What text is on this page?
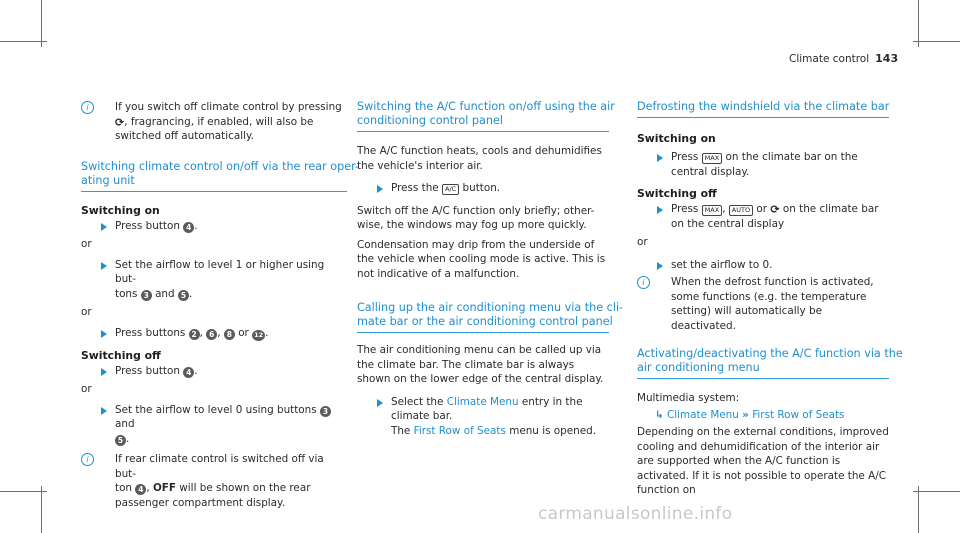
Climate control 143
i	If you switch off climate control by pressing ⟳, fragrancing, if enabled, will also be switched off automatically.
Switching climate control on/off via the rear oper-
ating unit
Switching on
Press button 4 .
or
Set the airflow to level 1 or higher using but-
tons 3 and 5 .
or
Press buttons 2 , 6 , 8 or 12 .
Switching off
Press button 4 .
or
Set the airflow to level 0 using buttons 3 and
5 .
i	If rear climate control is switched off via but-
ton 4 , OFF will be shown on the rear
passenger compartment display.
Switching the A/C function on/off using the air
conditioning control panel

The A/C function heats, cools and dehumidifies the vehicle's interior air.

Press the A/C button.

Switch off the A/C function only briefly; other-wise, the windows may fog up more quickly.

Condensation may drip from the underside of the vehicle when cooling mode is active. This is not indicative of a malfunction.

Calling up the air conditioning menu via the cli-
mate bar or the air conditioning control panel

The air conditioning menu can be called up via the climate bar. The climate bar is always shown on the lower edge of the central display.

Select the Climate Menu entry in the climate bar.
The First Row of Seats menu is opened.
Defrosting the windshield via the climate bar
Switching on
Press MAX on the climate bar on the central display.
Switching off
Press MAX , AUTO or ⟳ on the climate bar on the central display
or
set the airflow to 0.
i	When the defrost function is activated, some functions (e.g. the temperature setting) will automatically be deactivated.
Activating/deactivating the A/C function via the
air conditioning menu

Multimedia system:

↳ Climate Menu » First Row of Seats

Depending on the external conditions, improved cooling and dehumidification of the interior air are supported when the A/C function is activated. If it is not possible to operate the A/C function on

carmanualsonline.info
